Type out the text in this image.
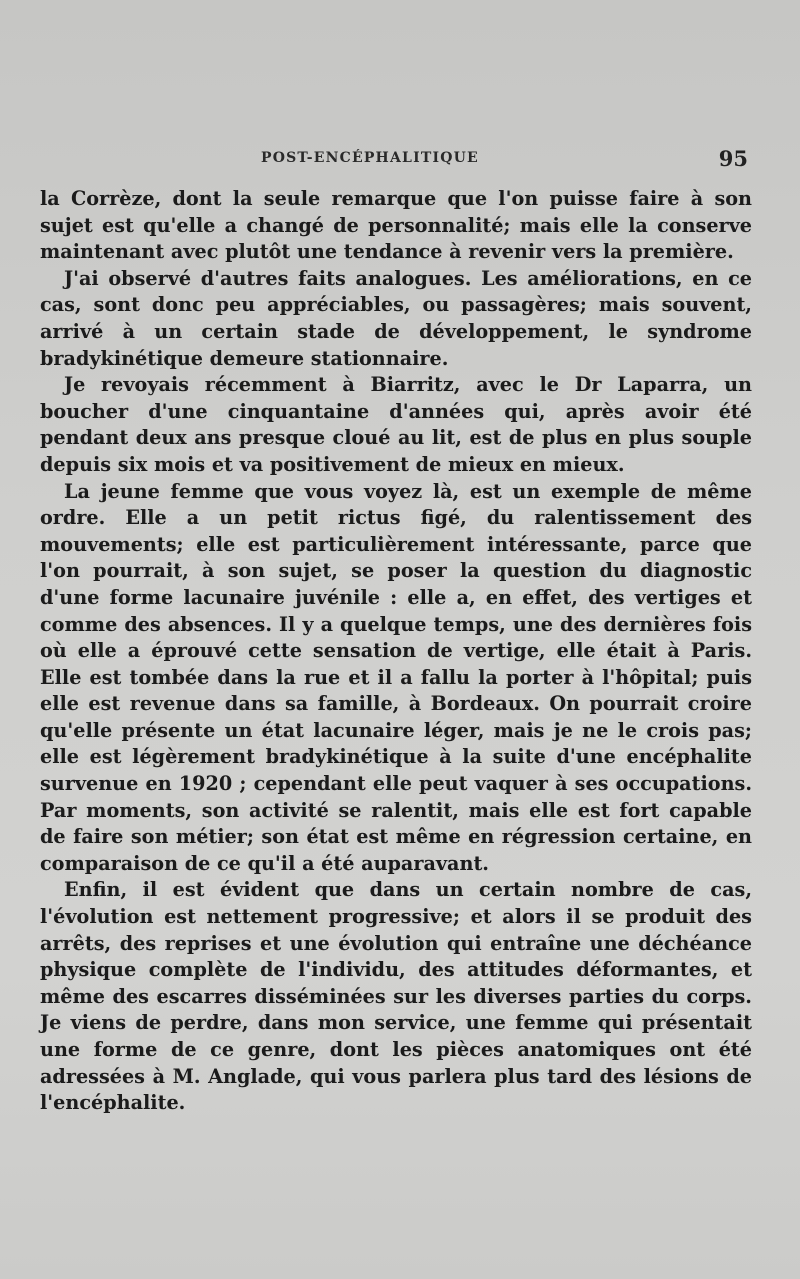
POST-ENCÉPHALITIQUE	95

la Corrèze, dont la seule remarque que l'on puisse faire à son sujet est qu'elle a changé de personnalité; mais elle la conserve maintenant avec plutôt une tendance à revenir vers la première.

J'ai observé d'autres faits analogues. Les améliorations, en ce cas, sont donc peu appréciables, ou passagères; mais souvent, arrivé à un certain stade de développement, le syndrome bradykinétique demeure stationnaire.

Je revoyais récemment à Biarritz, avec le Dr Laparra, un boucher d'une cinquantaine d'années qui, après avoir été pendant deux ans presque cloué au lit, est de plus en plus souple depuis six mois et va positivement de mieux en mieux.

La jeune femme que vous voyez là, est un exemple de même ordre. Elle a un petit rictus figé, du ralentissement des mouvements; elle est particulièrement intéressante, parce que l'on pourrait, à son sujet, se poser la question du diagnostic d'une forme lacunaire juvénile : elle a, en effet, des vertiges et comme des absences. Il y a quelque temps, une des dernières fois où elle a éprouvé cette sensation de vertige, elle était à Paris. Elle est tombée dans la rue et il a fallu la porter à l'hôpital; puis elle est revenue dans sa famille, à Bordeaux. On pourrait croire qu'elle présente un état lacunaire léger, mais je ne le crois pas; elle est légèrement bradykinétique à la suite d'une encéphalite survenue en 1920 ; cependant elle peut vaquer à ses occupations. Par moments, son activité se ralentit, mais elle est fort capable de faire son métier; son état est même en régression certaine, en comparaison de ce qu'il a été auparavant.

Enfin, il est évident que dans un certain nombre de cas, l'évolution est nettement progressive; et alors il se produit des arrêts, des reprises et une évolution qui entraîne une déchéance physique complète de l'individu, des attitudes déformantes, et même des escarres disséminées sur les diverses parties du corps. Je viens de perdre, dans mon service, une femme qui présentait une forme de ce genre, dont les pièces anatomiques ont été adressées à M. Anglade, qui vous parlera plus tard des lésions de l'encéphalite.
